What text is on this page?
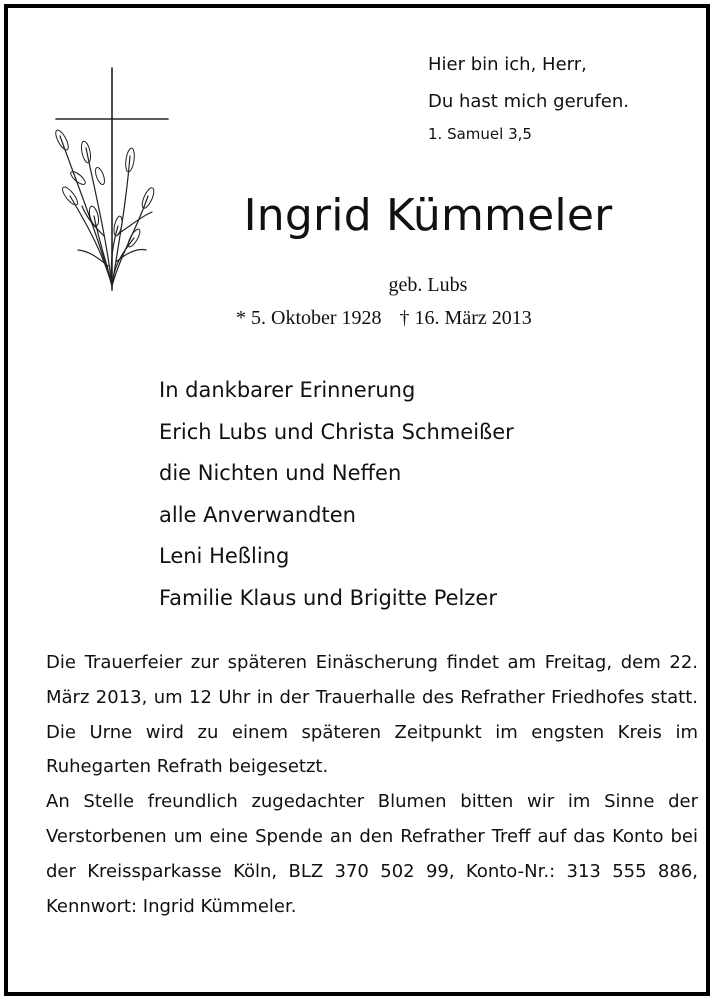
Hier bin ich, Herr,
Du hast mich gerufen.
1. Samuel 3,5
Ingrid Kümmeler
geb. Lubs
* 5. Oktober 1928 † 16. März 2013
In dankbarer Erinnerung
Erich Lubs und Christa Schmeißer
die Nichten und Neffen
alle Anverwandten
Leni Heßling
Familie Klaus und Brigitte Pelzer

Die Trauerfeier zur späteren Einäscherung findet am Freitag, dem 22. März 2013, um 12 Uhr in der Trauerhalle des Refrather Friedhofes statt. Die Urne wird zu einem späteren Zeitpunkt im engsten Kreis im Ruhegarten Refrath beigesetzt.

An Stelle freundlich zugedachter Blumen bitten wir im Sinne der Verstorbenen um eine Spende an den Refrather Treff auf das Konto bei der Kreissparkasse Köln, BLZ 370 502 99, Konto-Nr.: 313 555 886, Kennwort: Ingrid Kümmeler.
